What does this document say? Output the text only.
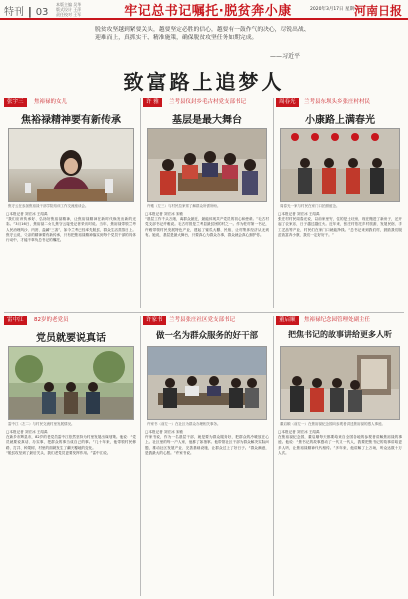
特刊 | 03
本版主编 吴华
版式设计 王萍
责任校对 王军	牢记总书记嘱托·脱贫奔小康	2020年3月17日 星期二
河南日报
脱贫攻坚越到紧要关头，越要坚定必胜的信心，越要有一鼓作气的决心，尽锐出战、迎难而上，真抓实干、精准施策，确保脱贫攻坚任务如期完成。
——习近平
致富路上追梦人
张宇三	焦裕禄的女儿
焦裕禄精神要有新传承
焦守云在参加焦裕禄干部学院培训工作交流座谈会。
□本报记者 刘宏冰 王绍禹
“我们应该传承好、弘扬好焦裕禄精神，让焦裕禄精神在新时代焕发出新的光彩。”3月16日，焦裕禄二女儿焦守云接受记者采访时说。当年，焦裕禄带领兰考人民治理风沙、内涝、盐碱“三害”，如今兰考已经率先脱贫，群众生活蒸蒸日上。焦守云说，父亲的精神要有新传承，只有把焦裕禄精神落实到每个党员干部的具体行动中，才能不辜负总书记的嘱托。
许 雅	兰考县仪封乡毛古村党支部书记
基层是最大舞台
许雅（左三）与村民拉家常了解群众所需所盼。
□本报记者 刘宏冰 宋敏
“基层工作千头万绪，离群众最近，最能体现共产党员的初心和使命。”毛古村党支部书记许雅说。毛古村曾是兰考县最贫困的村之一。作为驻村第一书记，许雅带领村民发展特色产业，建起了蜜瓜大棚、民宿，让村集体经济从无到有。她说，基层是最大舞台，只要真心为群众办事，群众就会真心拥护你。
周春光	兰考县东坝头乡张庄村村民
小康路上满春光
周春光一家与村民在家门口拍照留念。
□本报记者 刘宏冰 王绍禹
张庄村村民周春光说，以前家里穷，住的是土坯房，现在搬进了新房子，还开起了农家乐，日子越过越红火。近年来，张庄村依托乡村旅游，发展民宿、手工艺品等产业，村民们在家门口就能挣钱。“总书记来到我们村，鼓励我们脱贫致富奔小康，我们一定好好干。”
雷中江	82岁的老党员
党员就要说真话
雷中江（左二）与村民交流村里发展情况。
□本报记者 刘宏冰 王绍禹
在新乡市辉县市，82岁的老党员雷中江依然坚持为村里发展出谋划策。他说：“党员就要说真话、办实事，把群众的事当成自己的事。”几十年来，他带领村民修路、打井、种果树，村里的面貌发生了翻天覆地的变化。
“脱贫攻坚到了最后关头，我们老党员更要发挥作用。”雷中江说。
许家书	兰考县张庄社区党支部书记
做一名为群众服务的好干部
许家书（前左一）在社区为群众办理相关事务。
□本报记者 刘宏冰 宋敏
许家书说，作为一名基层干部，就是要为群众服务好，把群众的冷暖放在心上。社区里的每一户人家，他都了如指掌。他带领社区干部为群众解决实际问题，推动社区发展产业、完善基础设施，让群众过上了好日子。“群众满意，是我最大的心愿。”许家书说。
董启顺	焦裕禄纪念园管理处副主任
把焦书记的故事讲给更多人听
董启顺（前左一）在焦裕禄纪念园向参观者讲述焦裕禄的感人事迹。
□本报记者 刘宏冰 王绍禹
在焦裕禄纪念园，董启顺每天都要给来自全国各地的参观者讲解焦裕禄的事迹。他说：“焦书记的故事感动了一代又一代人，我要把焦书记的故事讲给更多人听，让焦裕禄精神代代相传。”多年来，他讲解了上万场，听众达数十万人次。
